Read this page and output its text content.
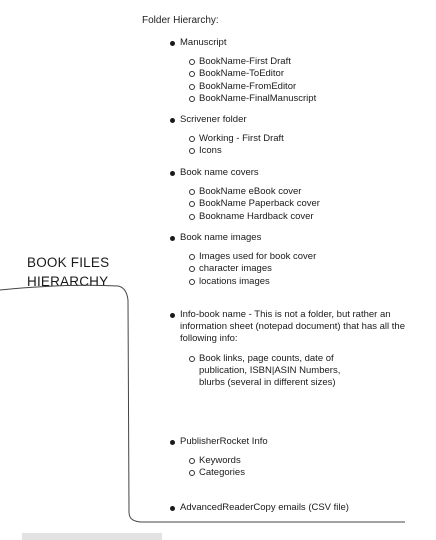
Folder Hierarchy:
BOOK FILES
HIERARCHY
Manuscript
BookName-First Draft
BookName-ToEditor
BookName-FromEditor
BookName-FinalManuscript
Scrivener folder
Working - First Draft
Icons
Book name covers
BookName eBook cover
BookName Paperback cover
Bookname Hardback cover
Book name images
Images used for book cover
character images
locations images
Info-book name - This is not a folder, but rather an information sheet (notepad document) that has all the following info:
Book links, page counts, date of publication, ISBN|ASIN Numbers, blurbs (several in different sizes)
PublisherRocket Info
Keywords
Categories
AdvancedReaderCopy emails (CSV file)
